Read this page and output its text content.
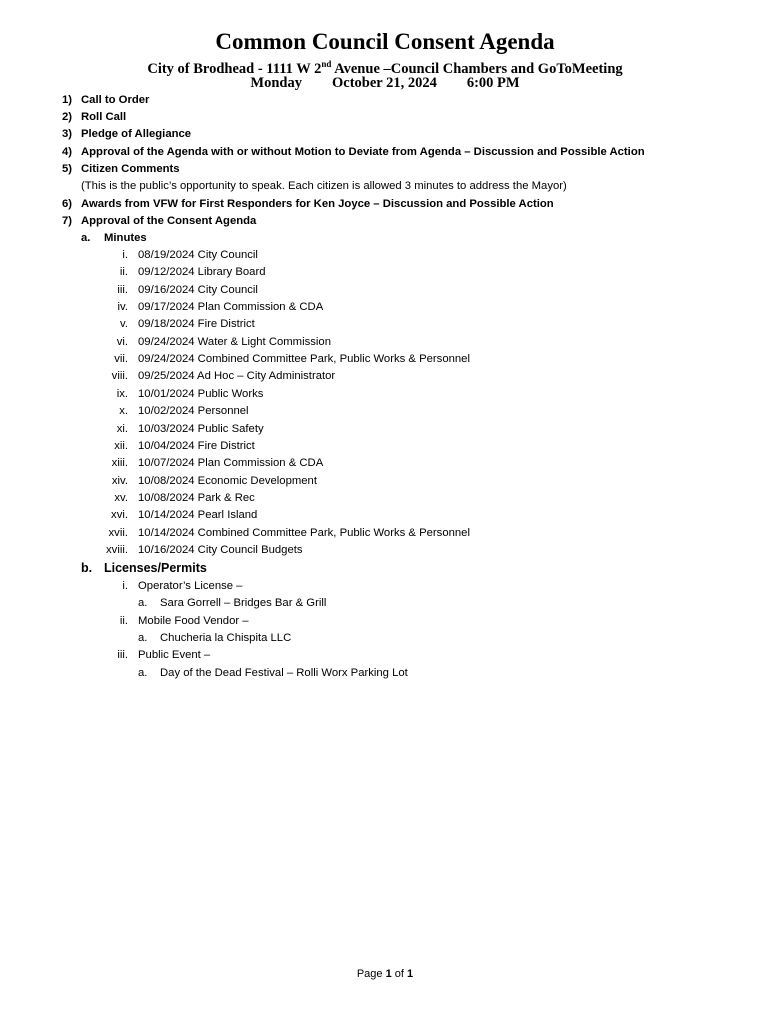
Common Council Consent Agenda
City of Brodhead - 1111 W 2nd Avenue –Council Chambers and GoToMeeting
Monday October 21, 2024 6:00 PM
1) Call to Order
2) Roll Call
3) Pledge of Allegiance
4) Approval of the Agenda with or without Motion to Deviate from Agenda – Discussion and Possible Action
5) Citizen Comments
(This is the public’s opportunity to speak. Each citizen is allowed 3 minutes to address the Mayor)
6) Awards from VFW for First Responders for Ken Joyce – Discussion and Possible Action
7) Approval of the Consent Agenda
a. Minutes
i. 08/19/2024 City Council
ii. 09/12/2024 Library Board
iii. 09/16/2024 City Council
iv. 09/17/2024 Plan Commission & CDA
v. 09/18/2024 Fire District
vi. 09/24/2024 Water & Light Commission
vii. 09/24/2024 Combined Committee Park, Public Works & Personnel
viii. 09/25/2024 Ad Hoc – City Administrator
ix. 10/01/2024 Public Works
x. 10/02/2024 Personnel
xi. 10/03/2024 Public Safety
xii. 10/04/2024 Fire District
xiii. 10/07/2024 Plan Commission & CDA
xiv. 10/08/2024 Economic Development
xv. 10/08/2024 Park & Rec
xvi. 10/14/2024 Pearl Island
xvii. 10/14/2024 Combined Committee Park, Public Works & Personnel
xviii. 10/16/2024 City Council Budgets
b. Licenses/Permits
i. Operator’s License –
a. Sara Gorrell – Bridges Bar & Grill
ii. Mobile Food Vendor –
a. Chucheria la Chispita LLC
iii. Public Event –
a. Day of the Dead Festival – Rolli Worx Parking Lot
Page 1 of 1
